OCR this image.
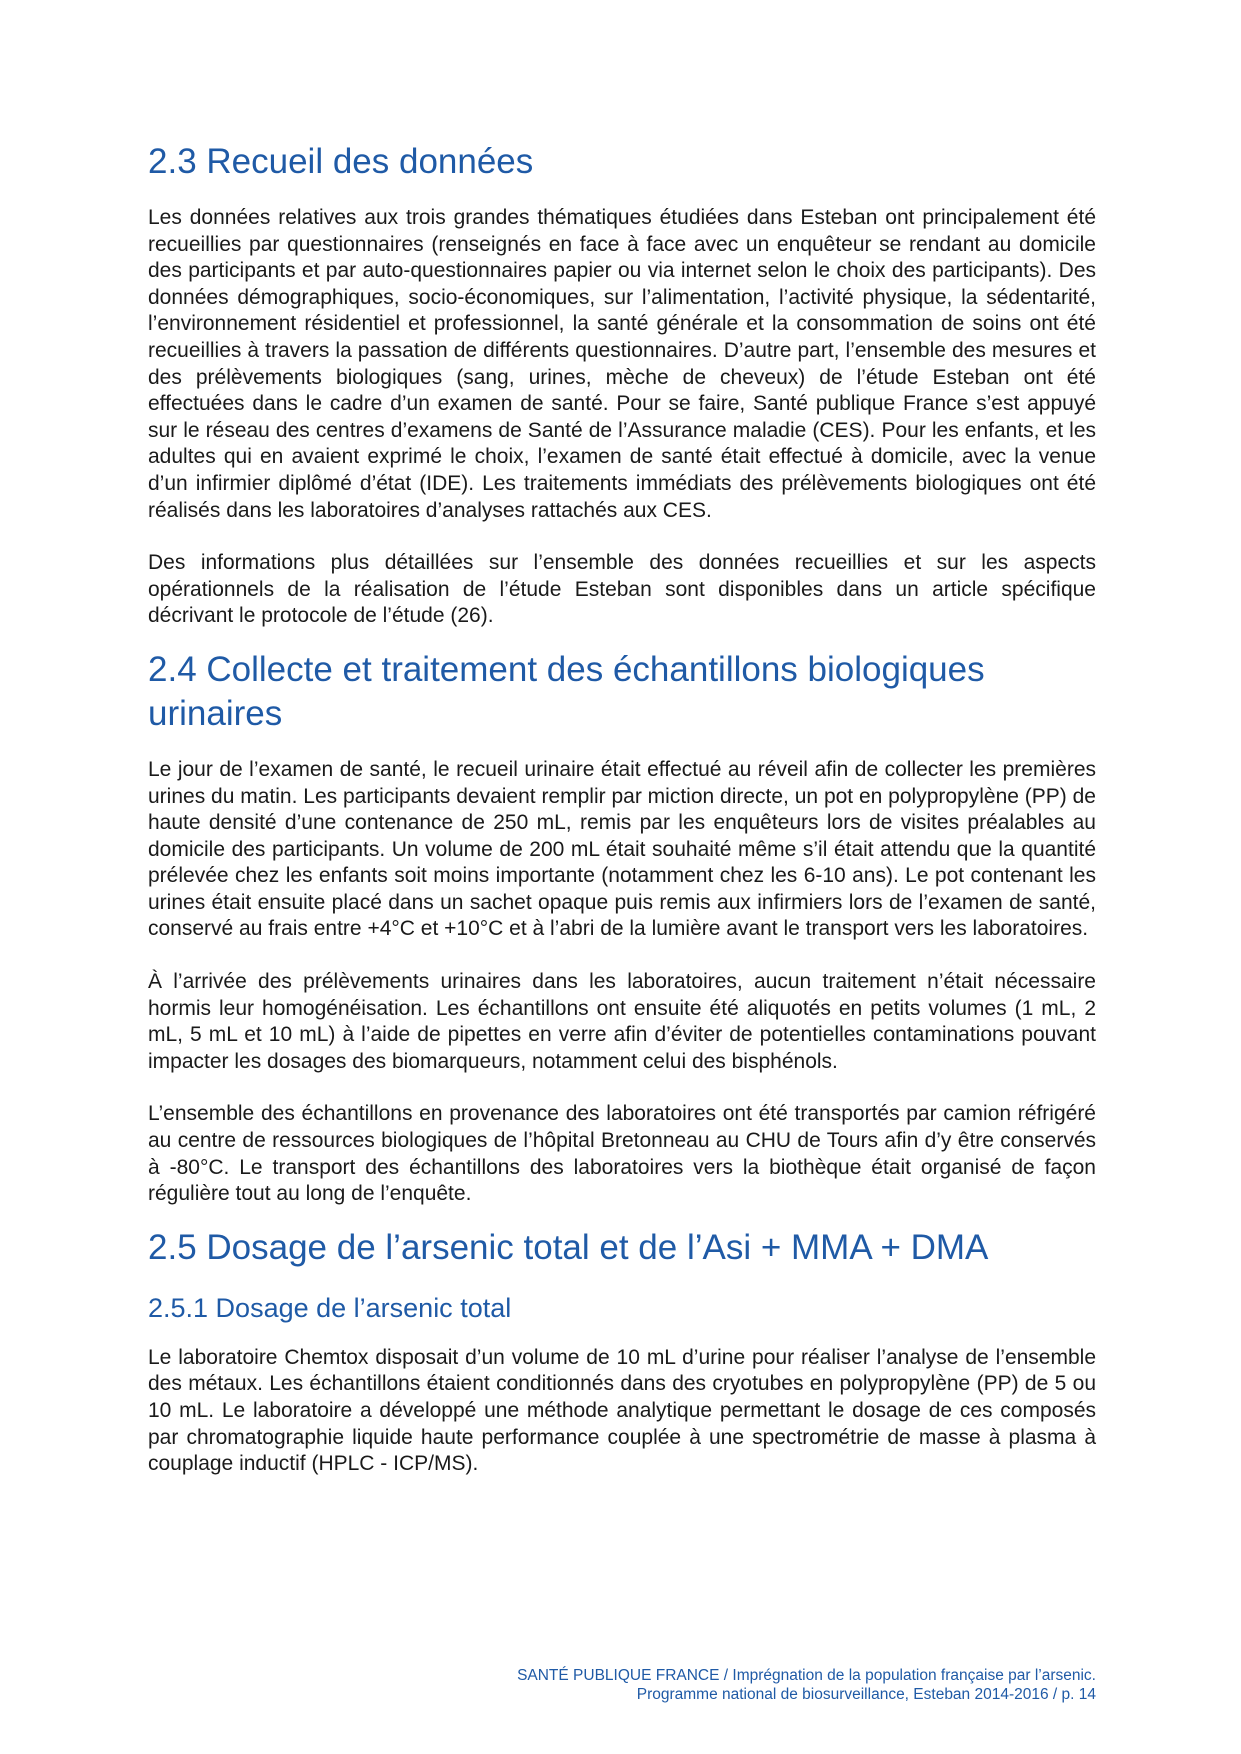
2.3 Recueil des données

Les données relatives aux trois grandes thématiques étudiées dans Esteban ont principalement été recueillies par questionnaires (renseignés en face à face avec un enquêteur se rendant au domicile des participants et par auto-questionnaires papier ou via internet selon le choix des participants). Des données démographiques, socio-économiques, sur l’alimentation, l’activité physique, la sédentarité, l’environnement résidentiel et professionnel, la santé générale et la consommation de soins ont été recueillies à travers la passation de différents questionnaires. D’autre part, l’ensemble des mesures et des prélèvements biologiques (sang, urines, mèche de cheveux) de l’étude Esteban ont été effectuées dans le cadre d’un examen de santé. Pour se faire, Santé publique France s’est appuyé sur le réseau des centres d’examens de Santé de l’Assurance maladie (CES). Pour les enfants, et les adultes qui en avaient exprimé le choix, l’examen de santé était effectué à domicile, avec la venue d’un infirmier diplômé d’état (IDE). Les traitements immédiats des prélèvements biologiques ont été réalisés dans les laboratoires d’analyses rattachés aux CES.

Des informations plus détaillées sur l’ensemble des données recueillies et sur les aspects opérationnels de la réalisation de l’étude Esteban sont disponibles dans un article spécifique décrivant le protocole de l’étude (26).

2.4 Collecte et traitement des échantillons biologiques urinaires

Le jour de l’examen de santé, le recueil urinaire était effectué au réveil afin de collecter les premières urines du matin. Les participants devaient remplir par miction directe, un pot en polypropylène (PP) de haute densité d’une contenance de 250 mL, remis par les enquêteurs lors de visites préalables au domicile des participants. Un volume de 200 mL était souhaité même s’il était attendu que la quantité prélevée chez les enfants soit moins importante (notamment chez les 6-10 ans). Le pot contenant les urines était ensuite placé dans un sachet opaque puis remis aux infirmiers lors de l’examen de santé, conservé au frais entre +4°C et +10°C et à l’abri de la lumière avant le transport vers les laboratoires.

À l’arrivée des prélèvements urinaires dans les laboratoires, aucun traitement n’était nécessaire hormis leur homogénéisation. Les échantillons ont ensuite été aliquotés en petits volumes (1 mL, 2 mL, 5 mL et 10 mL) à l’aide de pipettes en verre afin d’éviter de potentielles contaminations pouvant impacter les dosages des biomarqueurs, notamment celui des bisphénols.

L’ensemble des échantillons en provenance des laboratoires ont été transportés par camion réfrigéré au centre de ressources biologiques de l’hôpital Bretonneau au CHU de Tours afin d’y être conservés à -80°C. Le transport des échantillons des laboratoires vers la biothèque était organisé de façon régulière tout au long de l’enquête.

2.5 Dosage de l’arsenic total et de l’Asi + MMA + DMA
2.5.1 Dosage de l’arsenic total

Le laboratoire Chemtox disposait d’un volume de 10 mL d’urine pour réaliser l’analyse de l’ensemble des métaux. Les échantillons étaient conditionnés dans des cryotubes en polypropylène (PP) de 5 ou 10 mL. Le laboratoire a développé une méthode analytique permettant le dosage de ces composés par chromatographie liquide haute performance couplée à une spectrométrie de masse à plasma à couplage inductif (HPLC - ICP/MS).

SANTÉ PUBLIQUE FRANCE / Imprégnation de la population française par l’arsenic.
Programme national de biosurveillance, Esteban 2014-2016 / p. 14
